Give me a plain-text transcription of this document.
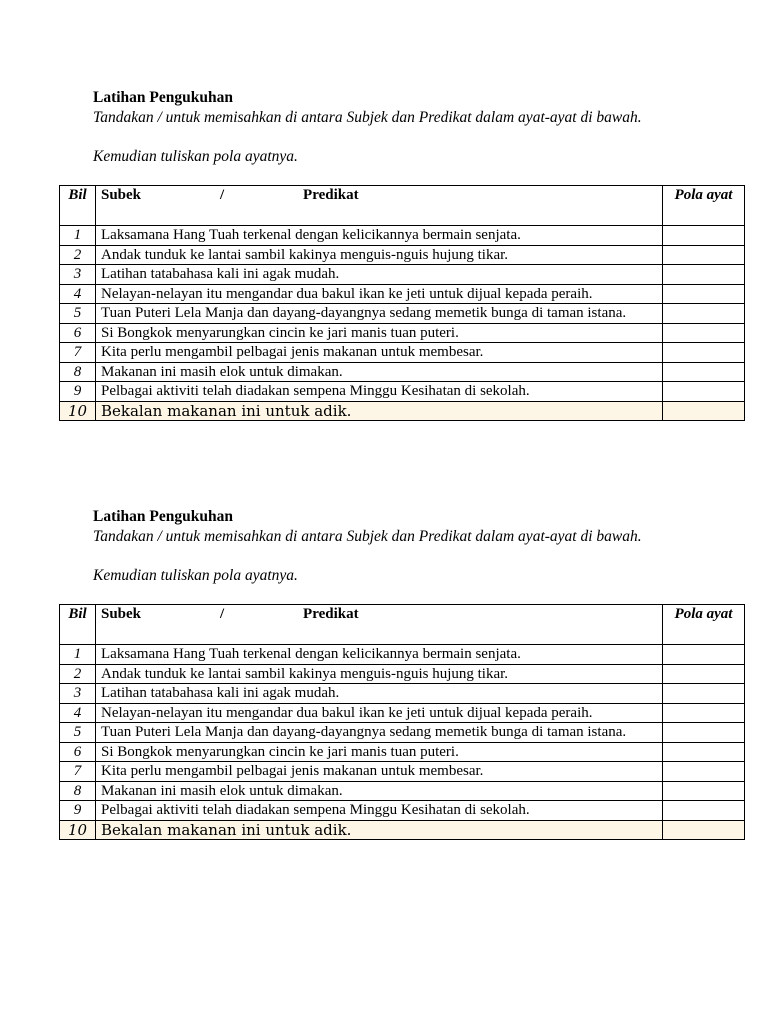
Latihan Pengukuhan
Tandakan / untuk memisahkan di antara Subjek dan Predikat dalam ayat-ayat di bawah.
Kemudian tuliskan pola ayatnya.
Bil	Subek / Predikat	Pola ayat
1	Laksamana Hang Tuah terkenal dengan kelicikannya bermain senjata.	
2	Andak tunduk ke lantai sambil kakinya menguis-nguis hujung tikar.	
3	Latihan tatabahasa kali ini agak mudah.	
4	Nelayan-nelayan itu mengandar dua bakul ikan ke jeti untuk dijual kepada peraih.	
5	Tuan Puteri Lela Manja dan dayang-dayangnya sedang memetik bunga di taman istana.	
6	Si Bongkok menyarungkan cincin ke jari manis tuan puteri.	
7	Kita perlu mengambil pelbagai jenis makanan untuk membesar.	
8	Makanan ini masih elok untuk dimakan.	
9	Pelbagai aktiviti telah diadakan sempena Minggu Kesihatan di sekolah.	
10	Bekalan makanan ini untuk adik.	
Latihan Pengukuhan
Tandakan / untuk memisahkan di antara Subjek dan Predikat dalam ayat-ayat di bawah.
Kemudian tuliskan pola ayatnya.
Bil	Subek / Predikat	Pola ayat
1	Laksamana Hang Tuah terkenal dengan kelicikannya bermain senjata.	
2	Andak tunduk ke lantai sambil kakinya menguis-nguis hujung tikar.	
3	Latihan tatabahasa kali ini agak mudah.	
4	Nelayan-nelayan itu mengandar dua bakul ikan ke jeti untuk dijual kepada peraih.	
5	Tuan Puteri Lela Manja dan dayang-dayangnya sedang memetik bunga di taman istana.	
6	Si Bongkok menyarungkan cincin ke jari manis tuan puteri.	
7	Kita perlu mengambil pelbagai jenis makanan untuk membesar.	
8	Makanan ini masih elok untuk dimakan.	
9	Pelbagai aktiviti telah diadakan sempena Minggu Kesihatan di sekolah.	
10	Bekalan makanan ini untuk adik.	
